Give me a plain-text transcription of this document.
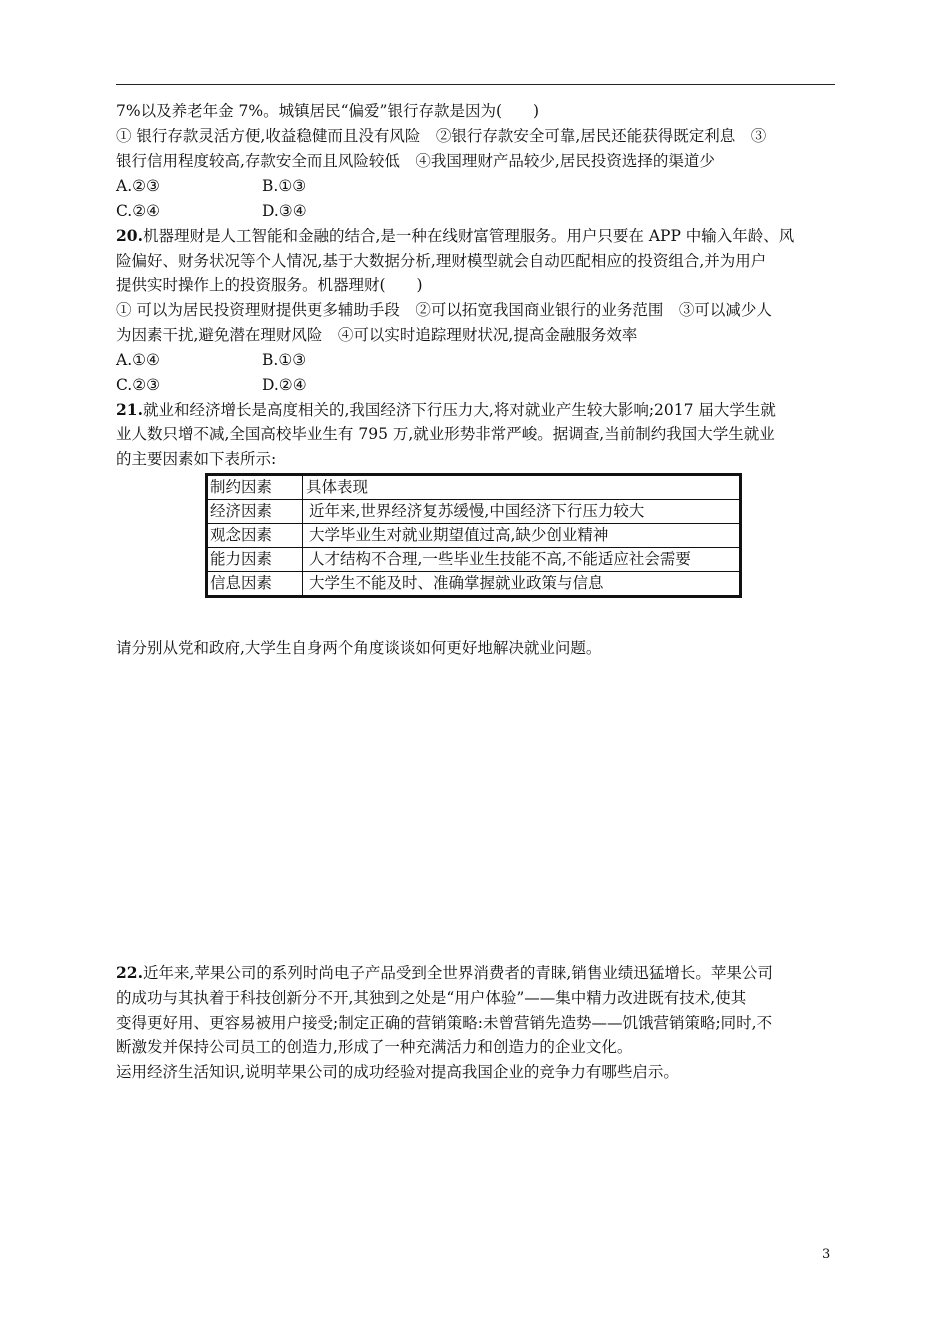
7%以及养老年金 7%。城镇居民“偏爱”银行存款是因为(　　)
① 银行存款灵活方便,收益稳健而且没有风险　②银行存款安全可靠,居民还能获得既定利息　③
银行信用程度较高,存款安全而且风险较低　④我国理财产品较少,居民投资选择的渠道少
A.②③	B.①③
C.②④	D.③④
20.机器理财是人工智能和金融的结合,是一种在线财富管理服务。用户只要在 APP 中输入年龄、风
险偏好、财务状况等个人情况,基于大数据分析,理财模型就会自动匹配相应的投资组合,并为用户
提供实时操作上的投资服务。机器理财(　　)
① 可以为居民投资理财提供更多辅助手段　②可以拓宽我国商业银行的业务范围　③可以减少人
为因素干扰,避免潜在理财风险　④可以实时追踪理财状况,提高金融服务效率
A.①④	B.①③
C.②③	D.②④
21.就业和经济增长是高度相关的,我国经济下行压力大,将对就业产生较大影响;2017 届大学生就
业人数只增不减,全国高校毕业生有 795 万,就业形势非常严峻。据调查,当前制约我国大学生就业
的主要因素如下表所示:
制约因素	具体表现
经济因素	近年来,世界经济复苏缓慢,中国经济下行压力较大
观念因素	大学毕业生对就业期望值过高,缺少创业精神
能力因素	人才结构不合理,一些毕业生技能不高,不能适应社会需要
信息因素	大学生不能及时、准确掌握就业政策与信息
请分别从党和政府,大学生自身两个角度谈谈如何更好地解决就业问题。
22.近年来,苹果公司的系列时尚电子产品受到全世界消费者的青睐,销售业绩迅猛增长。苹果公司
的成功与其执着于科技创新分不开,其独到之处是“用户体验”——集中精力改进既有技术,使其
变得更好用、更容易被用户接受;制定正确的营销策略:未曾营销先造势——饥饿营销策略;同时,不
断激发并保持公司员工的创造力,形成了一种充满活力和创造力的企业文化。
运用经济生活知识,说明苹果公司的成功经验对提高我国企业的竞争力有哪些启示。
3
